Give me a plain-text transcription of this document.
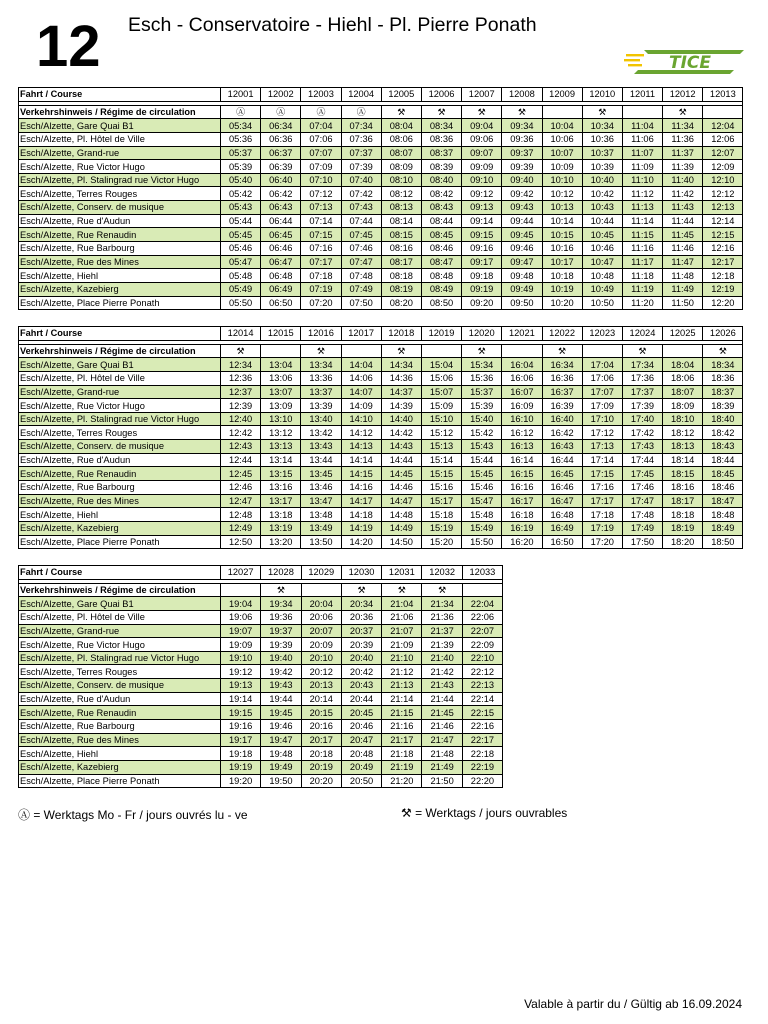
12 Esch - Conservatoire - Hiehl - Pl. Pierre Ponath
TICE
Fahrt / Course	12001	12002	12003	12004	12005	12006	12007	12008	12009	12010	12011	12012	12013

Verkehrshinweis / Régime de circulation	Ⓐ	Ⓐ	Ⓐ	Ⓐ	⚒	⚒	⚒	⚒		⚒		⚒	
Esch/Alzette, Gare Quai B1	05:34	06:34	07:04	07:34	08:04	08:34	09:04	09:34	10:04	10:34	11:04	11:34	12:04
Esch/Alzette, Pl. Hôtel de Ville	05:36	06:36	07:06	07:36	08:06	08:36	09:06	09:36	10:06	10:36	11:06	11:36	12:06
Esch/Alzette, Grand-rue	05:37	06:37	07:07	07:37	08:07	08:37	09:07	09:37	10:07	10:37	11:07	11:37	12:07
Esch/Alzette, Rue Victor Hugo	05:39	06:39	07:09	07:39	08:09	08:39	09:09	09:39	10:09	10:39	11:09	11:39	12:09
Esch/Alzette, Pl. Stalingrad rue Victor Hugo	05:40	06:40	07:10	07:40	08:10	08:40	09:10	09:40	10:10	10:40	11:10	11:40	12:10
Esch/Alzette, Terres Rouges	05:42	06:42	07:12	07:42	08:12	08:42	09:12	09:42	10:12	10:42	11:12	11:42	12:12
Esch/Alzette, Conserv. de musique	05:43	06:43	07:13	07:43	08:13	08:43	09:13	09:43	10:13	10:43	11:13	11:43	12:13
Esch/Alzette, Rue d'Audun	05:44	06:44	07:14	07:44	08:14	08:44	09:14	09:44	10:14	10:44	11:14	11:44	12:14
Esch/Alzette, Rue Renaudin	05:45	06:45	07:15	07:45	08:15	08:45	09:15	09:45	10:15	10:45	11:15	11:45	12:15
Esch/Alzette, Rue Barbourg	05:46	06:46	07:16	07:46	08:16	08:46	09:16	09:46	10:16	10:46	11:16	11:46	12:16
Esch/Alzette, Rue des Mines	05:47	06:47	07:17	07:47	08:17	08:47	09:17	09:47	10:17	10:47	11:17	11:47	12:17
Esch/Alzette, Hiehl	05:48	06:48	07:18	07:48	08:18	08:48	09:18	09:48	10:18	10:48	11:18	11:48	12:18
Esch/Alzette, Kazebierg	05:49	06:49	07:19	07:49	08:19	08:49	09:19	09:49	10:19	10:49	11:19	11:49	12:19
Esch/Alzette, Place Pierre Ponath	05:50	06:50	07:20	07:50	08:20	08:50	09:20	09:50	10:20	10:50	11:20	11:50	12:20
Fahrt / Course	12014	12015	12016	12017	12018	12019	12020	12021	12022	12023	12024	12025	12026

Verkehrshinweis / Régime de circulation	⚒		⚒		⚒		⚒		⚒		⚒		⚒
Esch/Alzette, Gare Quai B1	12:34	13:04	13:34	14:04	14:34	15:04	15:34	16:04	16:34	17:04	17:34	18:04	18:34
Esch/Alzette, Pl. Hôtel de Ville	12:36	13:06	13:36	14:06	14:36	15:06	15:36	16:06	16:36	17:06	17:36	18:06	18:36
Esch/Alzette, Grand-rue	12:37	13:07	13:37	14:07	14:37	15:07	15:37	16:07	16:37	17:07	17:37	18:07	18:37
Esch/Alzette, Rue Victor Hugo	12:39	13:09	13:39	14:09	14:39	15:09	15:39	16:09	16:39	17:09	17:39	18:09	18:39
Esch/Alzette, Pl. Stalingrad rue Victor Hugo	12:40	13:10	13:40	14:10	14:40	15:10	15:40	16:10	16:40	17:10	17:40	18:10	18:40
Esch/Alzette, Terres Rouges	12:42	13:12	13:42	14:12	14:42	15:12	15:42	16:12	16:42	17:12	17:42	18:12	18:42
Esch/Alzette, Conserv. de musique	12:43	13:13	13:43	14:13	14:43	15:13	15:43	16:13	16:43	17:13	17:43	18:13	18:43
Esch/Alzette, Rue d'Audun	12:44	13:14	13:44	14:14	14:44	15:14	15:44	16:14	16:44	17:14	17:44	18:14	18:44
Esch/Alzette, Rue Renaudin	12:45	13:15	13:45	14:15	14:45	15:15	15:45	16:15	16:45	17:15	17:45	18:15	18:45
Esch/Alzette, Rue Barbourg	12:46	13:16	13:46	14:16	14:46	15:16	15:46	16:16	16:46	17:16	17:46	18:16	18:46
Esch/Alzette, Rue des Mines	12:47	13:17	13:47	14:17	14:47	15:17	15:47	16:17	16:47	17:17	17:47	18:17	18:47
Esch/Alzette, Hiehl	12:48	13:18	13:48	14:18	14:48	15:18	15:48	16:18	16:48	17:18	17:48	18:18	18:48
Esch/Alzette, Kazebierg	12:49	13:19	13:49	14:19	14:49	15:19	15:49	16:19	16:49	17:19	17:49	18:19	18:49
Esch/Alzette, Place Pierre Ponath	12:50	13:20	13:50	14:20	14:50	15:20	15:50	16:20	16:50	17:20	17:50	18:20	18:50
Fahrt / Course	12027	12028	12029	12030	12031	12032	12033

Verkehrshinweis / Régime de circulation		⚒		⚒	⚒	⚒	
Esch/Alzette, Gare Quai B1	19:04	19:34	20:04	20:34	21:04	21:34	22:04
Esch/Alzette, Pl. Hôtel de Ville	19:06	19:36	20:06	20:36	21:06	21:36	22:06
Esch/Alzette, Grand-rue	19:07	19:37	20:07	20:37	21:07	21:37	22:07
Esch/Alzette, Rue Victor Hugo	19:09	19:39	20:09	20:39	21:09	21:39	22:09
Esch/Alzette, Pl. Stalingrad rue Victor Hugo	19:10	19:40	20:10	20:40	21:10	21:40	22:10
Esch/Alzette, Terres Rouges	19:12	19:42	20:12	20:42	21:12	21:42	22:12
Esch/Alzette, Conserv. de musique	19:13	19:43	20:13	20:43	21:13	21:43	22:13
Esch/Alzette, Rue d'Audun	19:14	19:44	20:14	20:44	21:14	21:44	22:14
Esch/Alzette, Rue Renaudin	19:15	19:45	20:15	20:45	21:15	21:45	22:15
Esch/Alzette, Rue Barbourg	19:16	19:46	20:16	20:46	21:16	21:46	22:16
Esch/Alzette, Rue des Mines	19:17	19:47	20:17	20:47	21:17	21:47	22:17
Esch/Alzette, Hiehl	19:18	19:48	20:18	20:48	21:18	21:48	22:18
Esch/Alzette, Kazebierg	19:19	19:49	20:19	20:49	21:19	21:49	22:19
Esch/Alzette, Place Pierre Ponath	19:20	19:50	20:20	20:50	21:20	21:50	22:20
Ⓐ = Werktags Mo - Fr / jours ouvrés lu - ve	⚒ = Werktags / jours ouvrables
Valable à partir du / Gültig ab 16.09.2024
